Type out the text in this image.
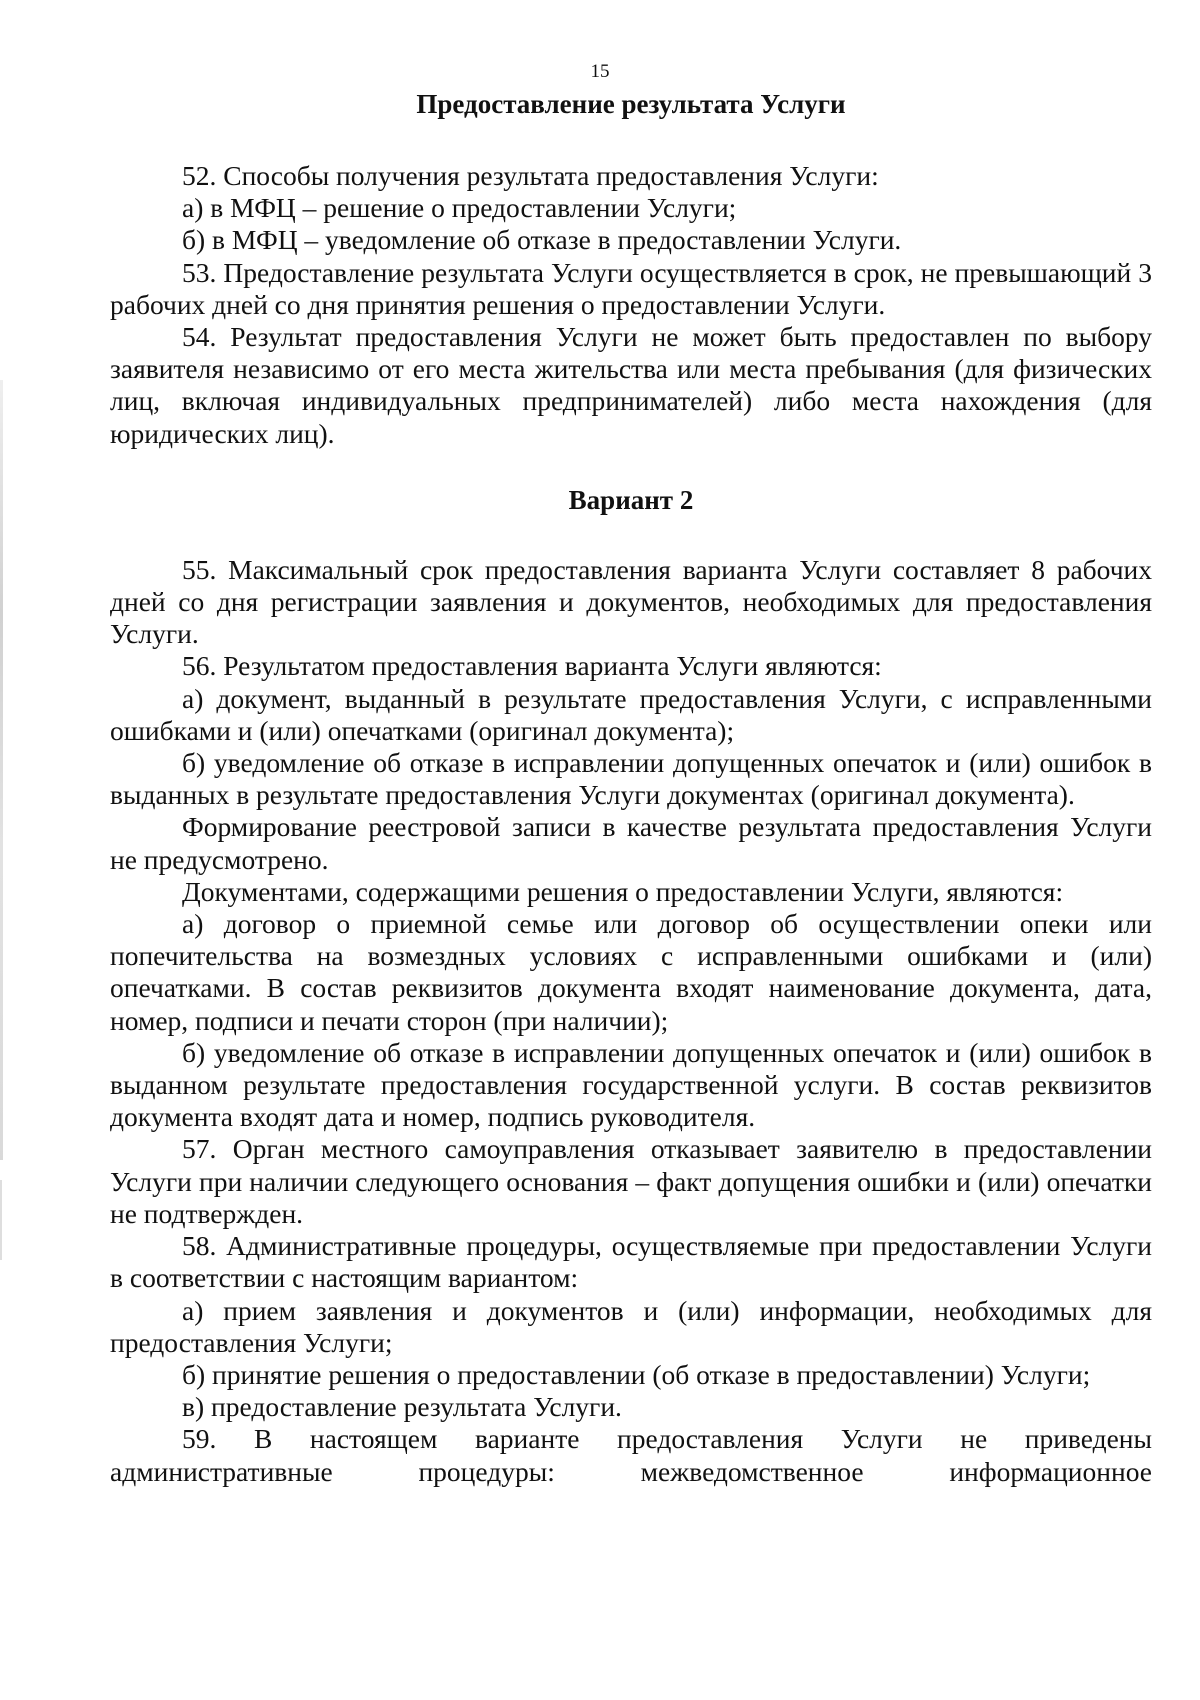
15
Предоставление результата Услуги

52. Способы получения результата предоставления Услуги:

а) в МФЦ – решение о предоставлении Услуги;

б) в МФЦ – уведомление об отказе в предоставлении Услуги.

53. Предоставление результата Услуги осуществляется в срок, не превышающий 3 рабочих дней со дня принятия решения о предоставлении Услуги.

54. Результат предоставления Услуги не может быть предоставлен по выбору заявителя независимо от его места жительства или места пребывания (для физических лиц, включая индивидуальных предпринимателей) либо места нахождения (для юридических лиц).

Вариант 2

55. Максимальный срок предоставления варианта Услуги составляет 8 рабочих дней со дня регистрации заявления и документов, необходимых для предоставления Услуги.

56. Результатом предоставления варианта Услуги являются:

а) документ, выданный в результате предоставления Услуги, с исправленными ошибками и (или) опечатками (оригинал документа);

б) уведомление об отказе в исправлении допущенных опечаток и (или) ошибок в выданных в результате предоставления Услуги документах (оригинал документа).

Формирование реестровой записи в качестве результата предоставления Услуги не предусмотрено.

Документами, содержащими решения о предоставлении Услуги, являются:

а) договор о приемной семье или договор об осуществлении опеки или попечительства на возмездных условиях с исправленными ошибками и (или) опечатками. В состав реквизитов документа входят наименование документа, дата, номер, подписи и печати сторон (при наличии);

б) уведомление об отказе в исправлении допущенных опечаток и (или) ошибок в выданном результате предоставления государственной услуги. В состав реквизитов документа входят дата и номер, подпись руководителя.

57. Орган местного самоуправления отказывает заявителю в предоставлении Услуги при наличии следующего основания – факт допущения ошибки и (или) опечатки не подтвержден.

58. Административные процедуры, осуществляемые при предоставлении Услуги в соответствии с настоящим вариантом:

а) прием заявления и документов и (или) информации, необходимых для предоставления Услуги;

б) принятие решения о предоставлении (об отказе в предоставлении) Услуги;

в) предоставление результата Услуги.

59. В настоящем варианте предоставления Услуги не приведены административные процедуры: межведомственное информационное
